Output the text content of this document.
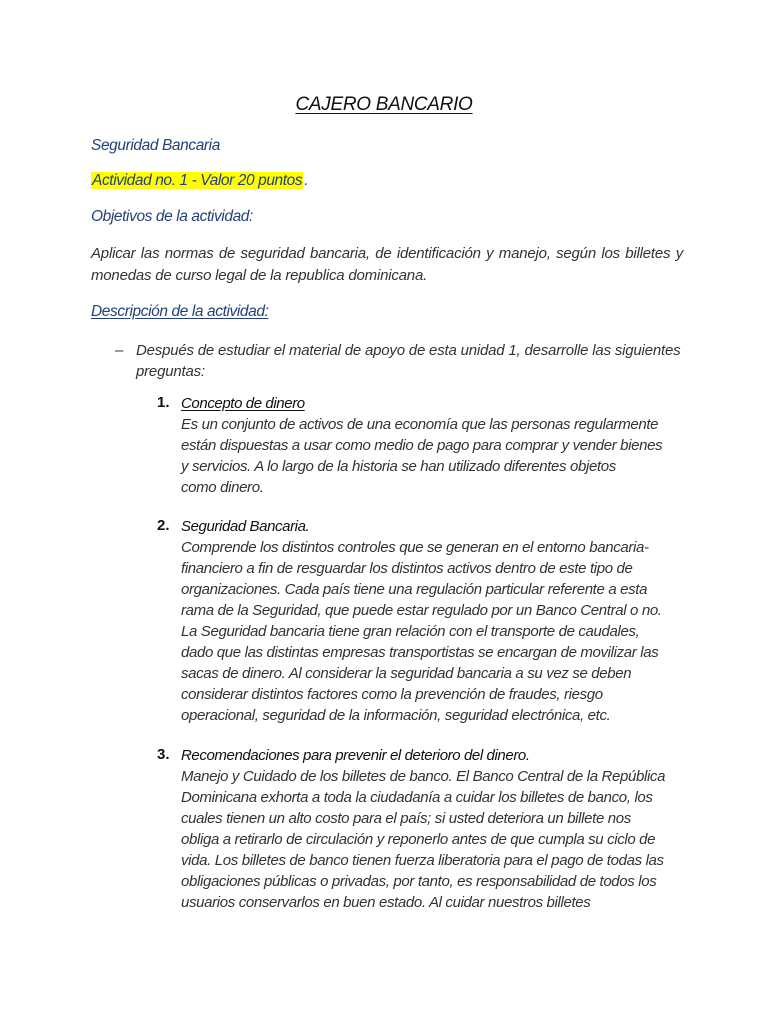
CAJERO BANCARIO
Seguridad Bancaria
Actividad no. 1 - Valor 20 puntos .
Objetivos de la actividad:
Aplicar las normas de seguridad bancaria, de identificación y manejo, según los billetes y monedas de curso legal de la republica dominicana.
Descripción de la actividad:
– Después de estudiar el material de apoyo de esta unidad 1, desarrolle las siguientes preguntas:
1. Concepto de dinero
Es un conjunto de activos de una economía que las personas regularmente
están dispuestas a usar como medio de pago para comprar y vender bienes
y servicios. A lo largo de la historia se han utilizado diferentes objetos
como dinero.
2. Seguridad Bancaria.
Comprende los distintos controles que se generan en el entorno bancaria-
financiero a fin de resguardar los distintos activos dentro de este tipo de
organizaciones. Cada país tiene una regulación particular referente a esta
rama de la Seguridad, que puede estar regulado por un Banco Central o no.
La Seguridad bancaria tiene gran relación con el transporte de caudales,
dado que las distintas empresas transportistas se encargan de movilizar las
sacas de dinero. Al considerar la seguridad bancaria a su vez se deben
considerar distintos factores como la prevención de fraudes, riesgo
operacional, seguridad de la información, seguridad electrónica, etc.
3. Recomendaciones para prevenir el deterioro del dinero.
Manejo y Cuidado de los billetes de banco. El Banco Central de la República
Dominicana exhorta a toda la ciudadanía a cuidar los billetes de banco, los
cuales tienen un alto costo para el país; si usted deteriora un billete nos
obliga a retirarlo de circulación y reponerlo antes de que cumpla su ciclo de
vida. Los billetes de banco tienen fuerza liberatoria para el pago de todas las
obligaciones públicas o privadas, por tanto, es responsabilidad de todos los
usuarios conservarlos en buen estado. Al cuidar nuestros billetes
